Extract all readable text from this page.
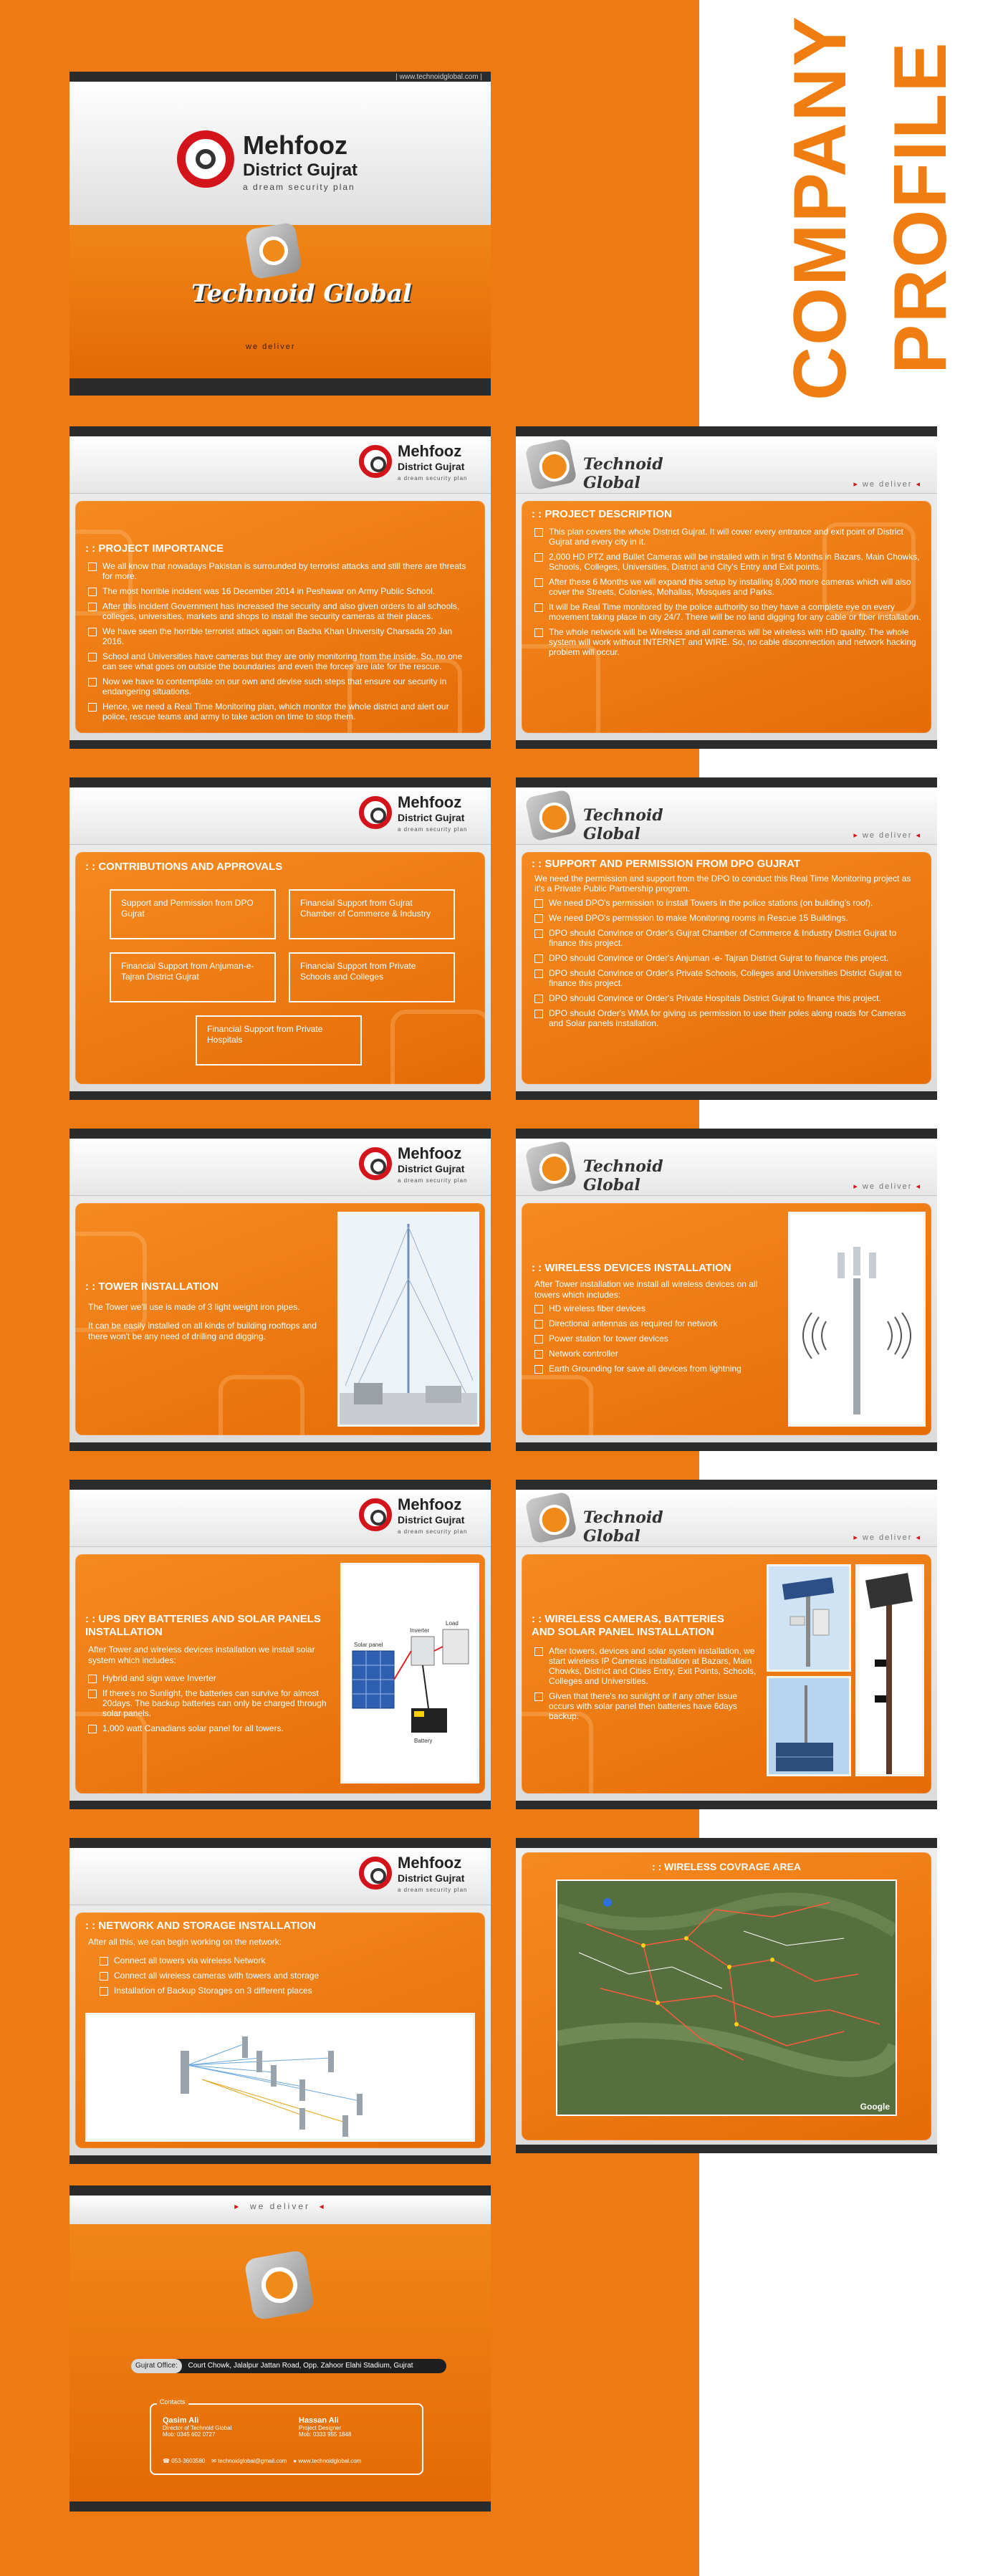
COMPANY PROFILE
| www.technoidglobal.com |
Mehfooz
District Gujrat
a dream security plan
Technoid Global
we deliver
Mehfooz
District Gujrat
a dream security plan
: : PROJECT IMPORTANCE
We all know that nowadays Pakistan is surrounded by terrorist attacks and still there are threats for more.
The most horrible incident was 16 December 2014 in Peshawar on Army Public School.
After this incident Government has increased the security and also given orders to all schools, colleges, universities, markets and shops to install the security cameras at their places.
We have seen the horrible terrorist attack again on Bacha Khan University Charsada 20 Jan 2016.
School and Universities have cameras but they are only monitoring from the inside. So, no one can see what goes on outside the boundaries and even the forces are late for the rescue.
Now we have to contemplate on our own and devise such steps that ensure our security in endangering situations.
Hence, we need a Real Time Monitoring plan, which monitor the whole district and alert our police, rescue teams and army to take action on time to stop them.
Technoid Global	▸ we deliver ◂
: : PROJECT DESCRIPTION
This plan covers the whole District Gujrat. It will cover every entrance and exit point of District Gujrat and every city in it.
2,000 HD PTZ and Bullet Cameras will be installed with in first 6 Months in Bazars, Main Chowks, Schools, Colleges, Universities, District and City's Entry and Exit points.
After these 6 Months we will expand this setup by installing 8,000 more cameras which will also cover the Streets, Colonies, Mohallas, Mosques and Parks.
It will be Real Time monitored by the police authority so they have a complete eye on every movement taking place in city 24/7. There will be no land digging for any cable or fiber installation.
The whole network will be Wireless and all cameras will be wireless with HD quality. The whole system will work without INTERNET and WIRE. So, no cable disconnection and network hacking problem will occur.
Mehfooz
District Gujrat
a dream security plan
: : CONTRIBUTIONS AND APPROVALS
Support and Permission from DPO Gujrat
Financial Support from Gujrat Chamber of Commerce & Industry
Financial Support from Anjuman-e-Tajran District Gujrat
Financial Support from Private Schools and Colleges
Financial Support from Private Hospitals
Technoid Global	▸ we deliver ◂
: : SUPPORT AND PERMISSION FROM DPO GUJRAT
We need the permission and support from the DPO to conduct this Real Time Monitoring project as it's a Private Public Partnership program.
We need DPO's permission to install Towers in the police stations (on building's roof).
We need DPO's permission to make Monitoring rooms in Rescue 15 Buildings.
DPO should Convince or Order's Gujrat Chamber of Commerce & Industry District Gujrat to finance this project.
DPO should Convince or Order's Anjuman -e- Tajran District Gujrat to finance this project.
DPO should Convince or Order's Private Schools, Colleges and Universities District Gujrat to finance this project.
DPO should Convince or Order's Private Hospitals District Gujrat to finance this project.
DPO should Order's WMA for giving us permission to use their poles along roads for Cameras and Solar panels installation.
Mehfooz
District Gujrat
a dream security plan
: : TOWER INSTALLATION
The Tower we'll use is made of 3 light weight iron pipes.
It can be easily installed on all kinds of building rooftops and there won't be any need of drilling and digging.
Technoid Global	▸ we deliver ◂
: : WIRELESS DEVICES INSTALLATION
After Tower installation we install all wireless devices on all towers which includes:
HD wireless fiber devices
Directional antennas as required for network
Power station for tower devices
Network controller
Earth Grounding for save all devices from lightning
Mehfooz
District Gujrat
a dream security plan
: : UPS DRY BATTERIES AND SOLAR PANELS INSTALLATION
After Tower and wireless devices installation we install solar system which includes:
Hybrid and sign wave Inverter
If there's no Sunlight, the batteries can survive for almost 20days. The backup batteries can only be charged through solar panels.
1,000 watt Canadians solar panel for all towers.
Solar panel
Inverter
Battery
Load
Technoid Global	▸ we deliver ◂
: : WIRELESS CAMERAS, BATTERIES AND SOLAR PANEL INSTALLATION
After towers, devices and solar system installation, we start wireless IP Cameras installation at Bazars, Main Chowks, District and Cities Entry, Exit Points, Schools, Colleges and Universities.
Given that there's no sunlight or if any other issue occurs with solar panel then batteries have 6days backup.
Mehfooz
District Gujrat
a dream security plan
: : NETWORK AND STORAGE INSTALLATION
After all this, we can begin working on the network:
Connect all towers via wireless Network
Connect all wireless cameras with towers and storage
Installation of Backup Storages on 3 different places
: : WIRELESS COVRAGE AREA
Google
▸  we deliver  ◂
Gujrat Office: Court Chowk, Jalalpur Jattan Road, Opp. Zahoor Elahi Stadium, Gujrat
Contacts
Qasim Ali
Director of Technoid Global
Mob: 0345 602 0727
Hassan Ali
Project Designer
Mob: 0333 955 1848
☎ 053-3603580 ✉ technoidglobal@gmail.com ● www.technoidglobal.com
